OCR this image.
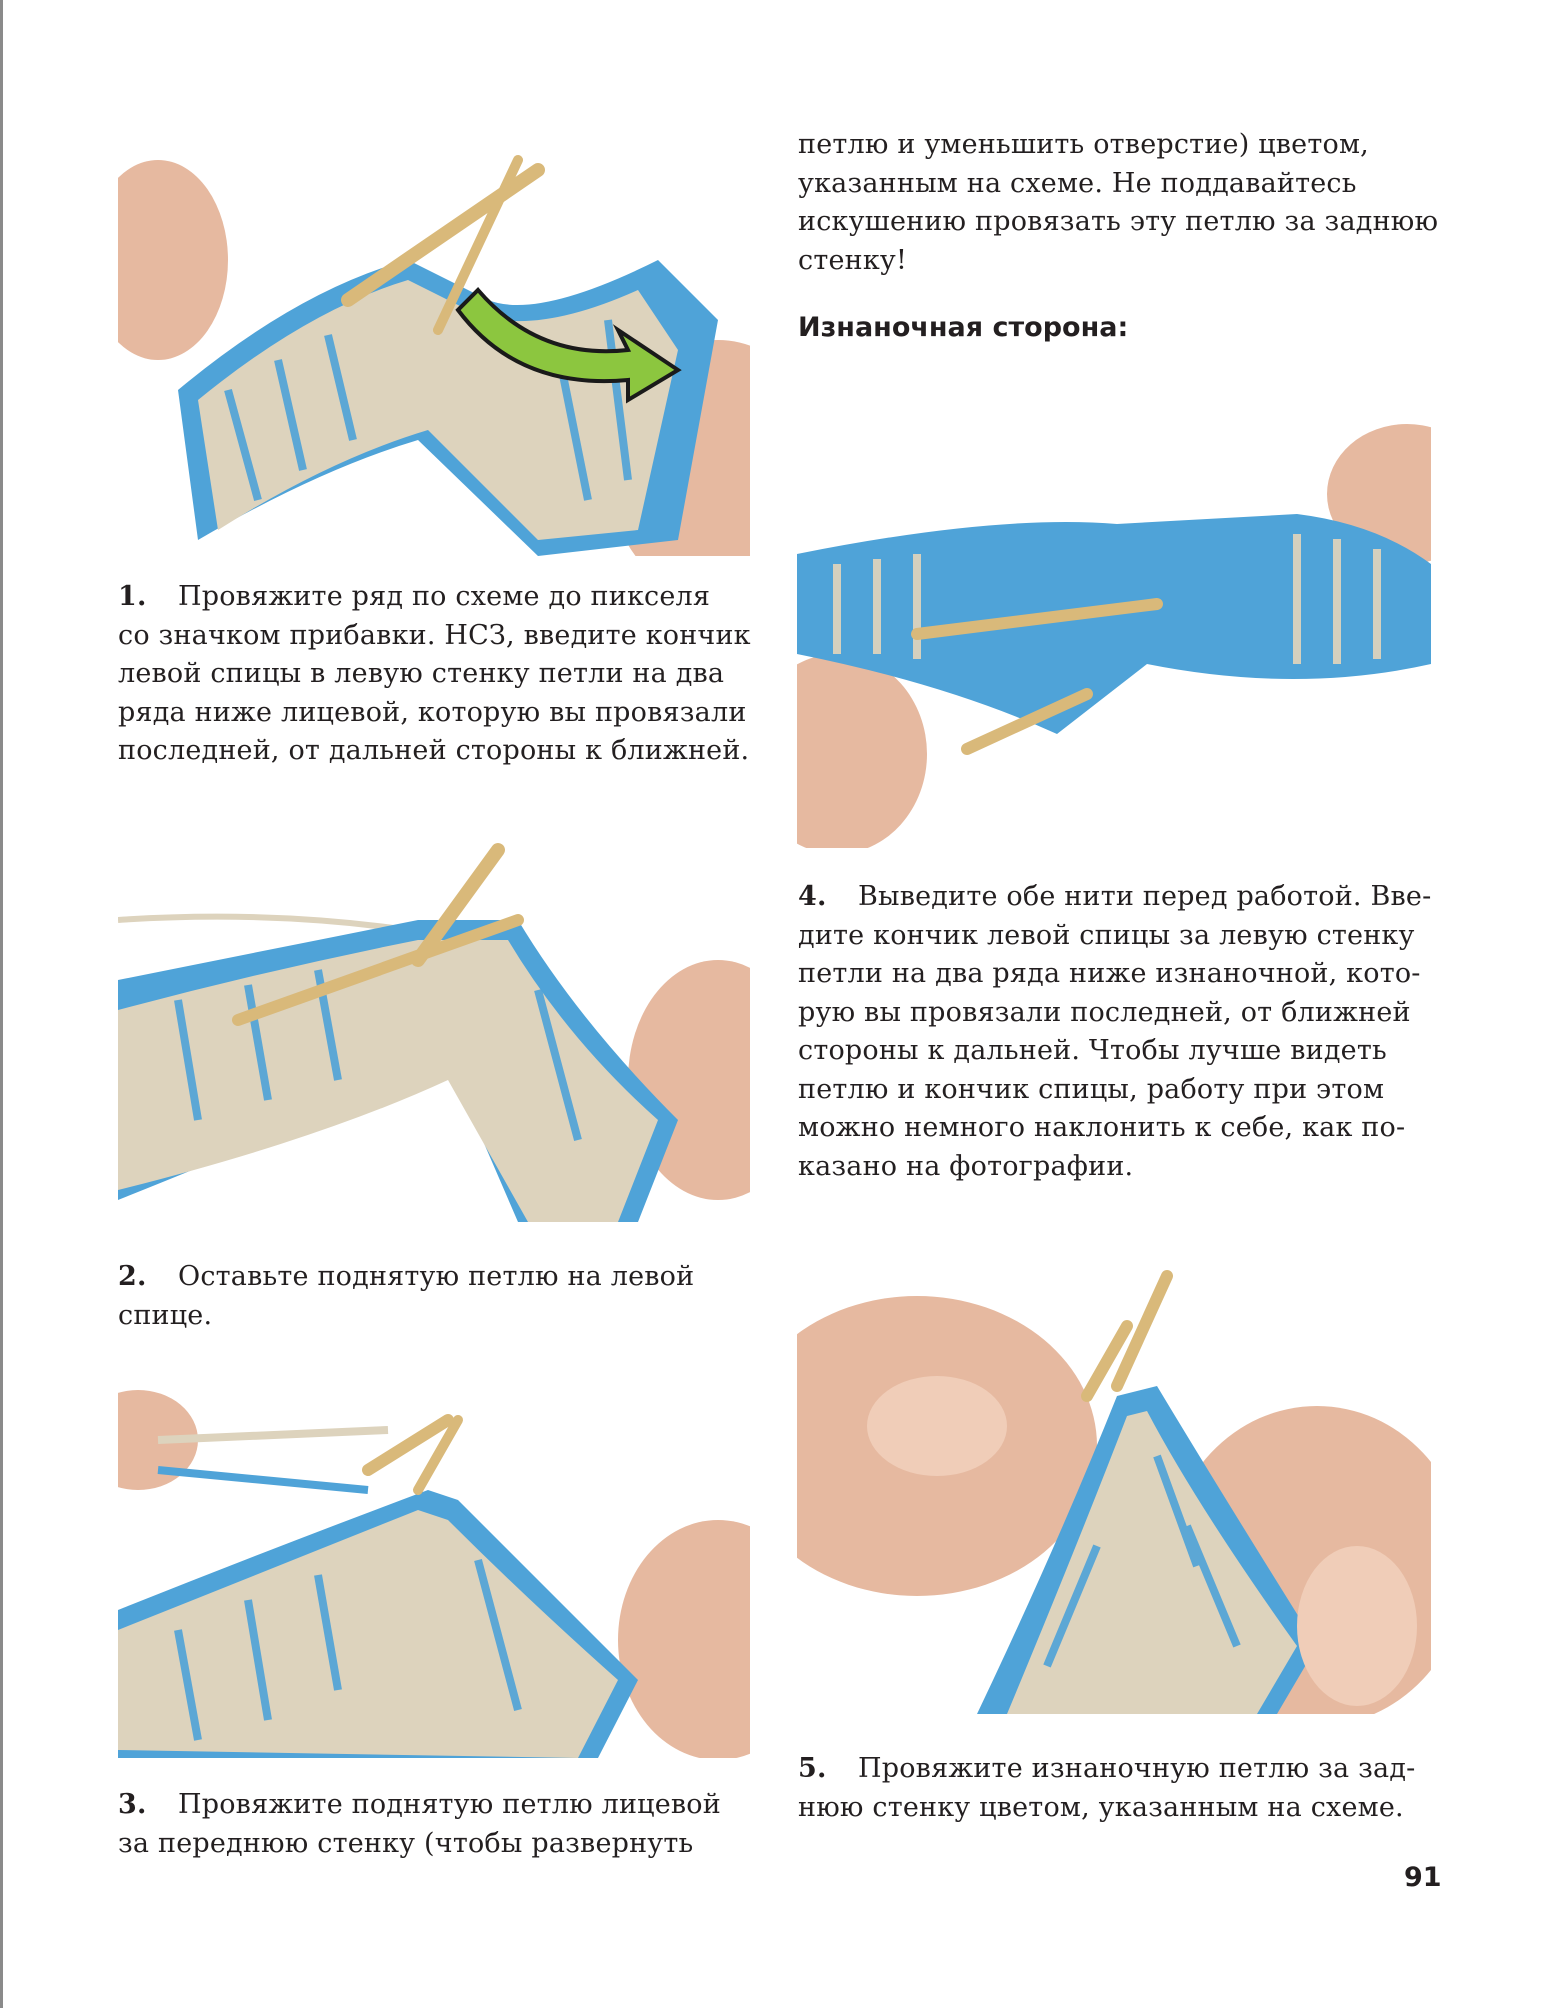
1. Провяжите ряд по схеме до пикселя
со значком прибавки. НСЗ, введите кончик
левой спицы в левую стенку петли на два
ряда ниже лицевой, которую вы провязали
последней, от дальней стороны к ближней.
2. Оставьте поднятую петлю на левой
спице.
3. Провяжите поднятую петлю лицевой
за переднюю стенку (чтобы развернуть
петлю и уменьшить отверстие) цветом,
указанным на схеме. Не поддавайтесь
искушению провязать эту петлю за заднюю
стенку!
Изнаночная сторона:
4. Выведите обе нити перед работой. Вве-
дите кончик левой спицы за левую стенку
петли на два ряда ниже изнаночной, кото-
рую вы провязали последней, от ближней
стороны к дальней. Чтобы лучше видеть
петлю и кончик спицы, работу при этом
можно немного наклонить к себе, как по-
казано на фотографии.
5. Провяжите изнаночную петлю за зад-
нюю стенку цветом, указанным на схеме.
91
